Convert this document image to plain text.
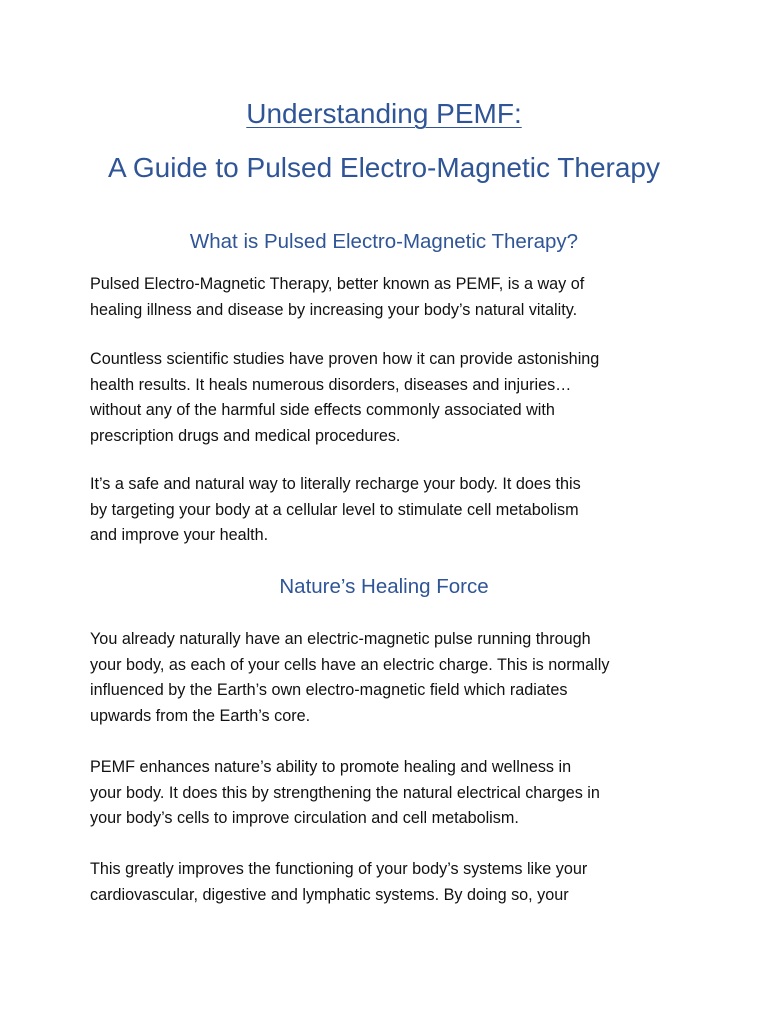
Understanding PEMF:
A Guide to Pulsed Electro-Magnetic Therapy
What is Pulsed Electro-Magnetic Therapy?

Pulsed Electro-Magnetic Therapy, better known as PEMF, is a way of
healing illness and disease by increasing your body’s natural vitality.

Countless scientific studies have proven how it can provide astonishing
health results. It heals numerous disorders, diseases and injuries…
without any of the harmful side effects commonly associated with
prescription drugs and medical procedures.

It’s a safe and natural way to literally recharge your body. It does this
by targeting your body at a cellular level to stimulate cell metabolism
and improve your health.

Nature’s Healing Force

You already naturally have an electric-magnetic pulse running through
your body, as each of your cells have an electric charge. This is normally
influenced by the Earth’s own electro-magnetic field which radiates
upwards from the Earth’s core.

PEMF enhances nature’s ability to promote healing and wellness in
your body. It does this by strengthening the natural electrical charges in
your body’s cells to improve circulation and cell metabolism.

This greatly improves the functioning of your body’s systems like your
cardiovascular, digestive and lymphatic systems. By doing so, your
